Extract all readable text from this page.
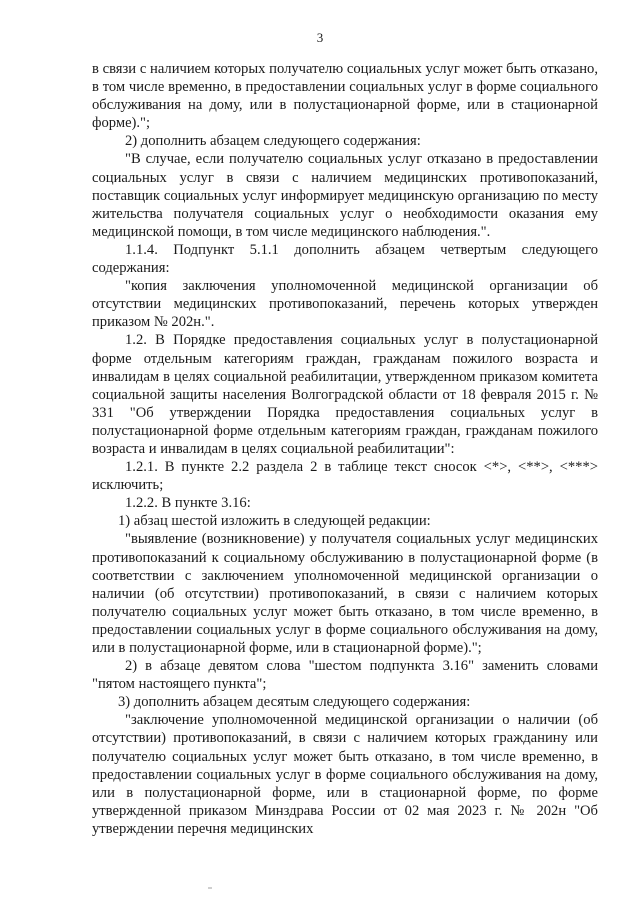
3

в связи с наличием которых получателю социальных услуг может быть отказано, в том числе временно, в предоставлении социальных услуг в форме социального обслуживания на дому, или в полустационарной форме, или в стационарной форме).";

2) дополнить абзацем следующего содержания:

"В случае, если получателю социальных услуг отказано в предоставлении социальных услуг в связи с наличием медицинских противопоказаний, поставщик социальных услуг информирует медицинскую организацию по месту жительства получателя социальных услуг о необходимости оказания ему медицинской помощи, в том числе медицинского наблюдения.".

1.1.4. Подпункт 5.1.1 дополнить абзацем четвертым следующего содержания:

"копия заключения уполномоченной медицинской организации об отсутствии медицинских противопоказаний, перечень которых утвержден приказом № 202н.".

1.2. В Порядке предоставления социальных услуг в полустационарной форме отдельным категориям граждан, гражданам пожилого возраста и инвалидам в целях социальной реабилитации, утвержденном приказом комитета социальной защиты населения Волгоградской области от 18 февраля 2015 г. № 331 "Об утверждении Порядка предоставления социальных услуг в полустационарной форме отдельным категориям граждан, гражданам пожилого возраста и инвалидам в целях социальной реабилитации":

1.2.1. В пункте 2.2 раздела 2 в таблице текст сносок <*>, <**>, <***> исключить;

1.2.2. В пункте 3.16:

1) абзац шестой изложить в следующей редакции:

"выявление (возникновение) у получателя социальных услуг медицинских противопоказаний к социальному обслуживанию в полустационарной форме (в соответствии с заключением уполномоченной медицинской организации о наличии (об отсутствии) противопоказаний, в связи с наличием которых получателю социальных услуг может быть отказано, в том числе временно, в предоставлении социальных услуг в форме социального обслуживания на дому, или в полустационарной форме, или в стационарной форме).";

2) в абзаце девятом слова "шестом подпункта 3.16" заменить словами "пятом настоящего пункта";

3) дополнить абзацем десятым следующего содержания:

"заключение уполномоченной медицинской организации о наличии (об отсутствии) противопоказаний, в связи с наличием которых гражданину или получателю социальных услуг может быть отказано, в том числе временно, в предоставлении социальных услуг в форме социального обслуживания на дому, или в полустационарной форме, или в стационарной форме, по форме утвержденной приказом Минздрава России от 02 мая 2023 г. № 202н "Об утверждении перечня медицинских
